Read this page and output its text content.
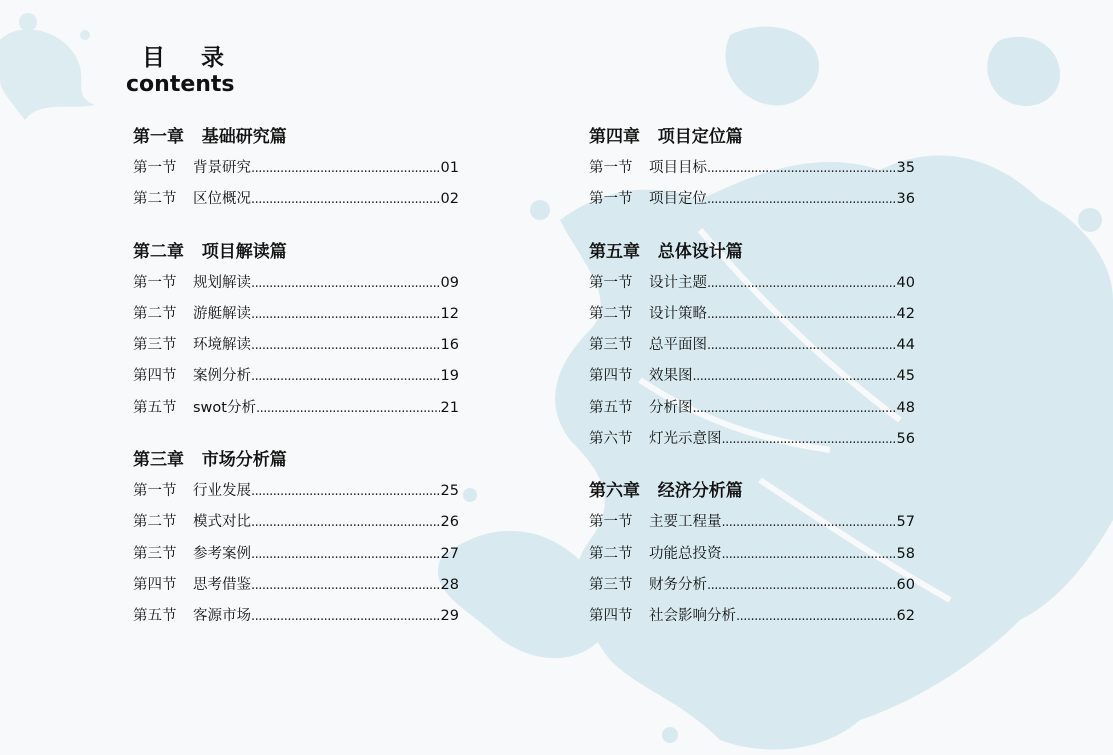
目 录
contents
第一章   基础研究篇
第一节	背景研究 .....	01
第二节	区位概况 .....	02
第二章   项目解读篇
第一节	规划解读 .....	09
第二节	游艇解读 .....	12
第三节	环境解读 .....	16
第四节	案例分析 .....	19
第五节	swot分析 .....	21
第三章   市场分析篇
第一节	行业发展 .....	25
第二节	模式对比 .....	26
第三节	参考案例 .....	27
第四节	思考借鉴 .....	28
第五节	客源市场 .....	29
第四章   项目定位篇
第一节	项目目标 .....	35
第一节	项目定位 .....	36
第五章   总体设计篇
第一节	设计主题 .....	40
第二节	设计策略 .....	42
第三节	总平面图 .....	44
第四节	效果图 .....	45
第五节	分析图 .....	48
第六节	灯光示意图 .....	56
第六章   经济分析篇
第一节	主要工程量 .....	57
第二节	功能总投资 .....	58
第三节	财务分析 .....	60
第四节	社会影响分析 .....	62
